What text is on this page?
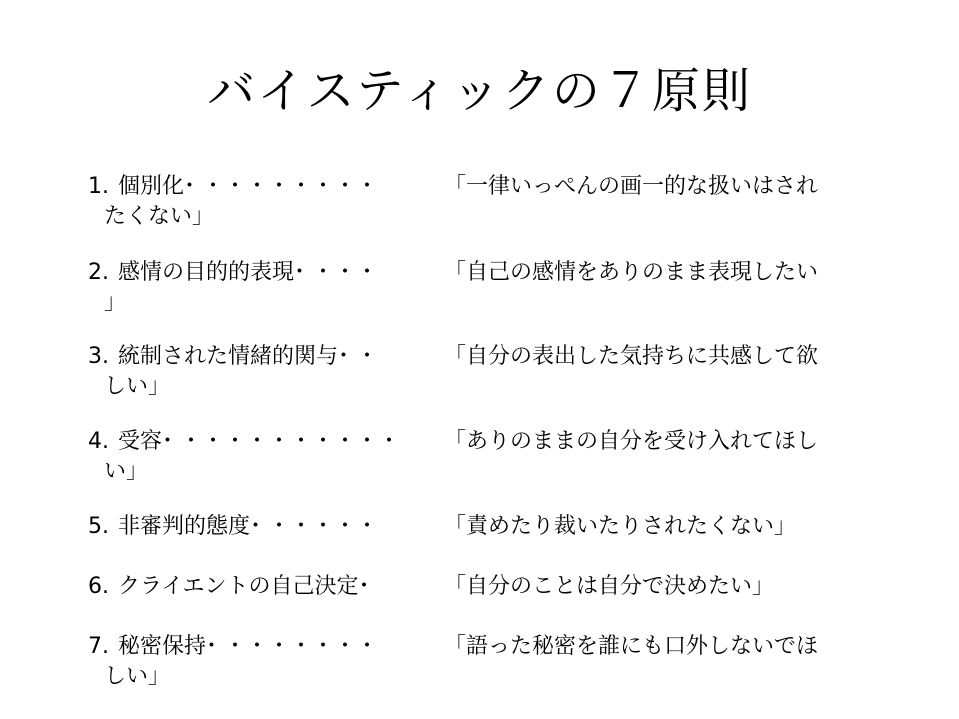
バイスティックの７原則
1. 個別化･ ・・・・・・・・	「一律いっぺんの画一的な扱いはされ
たくない」
2. 感情の目的的表現･ ・・・	「自己の感情をありのまま表現したい
」
3. 統制された情緒的関与･ ・	「自分の表出した気持ちに共感して欲
しい」
4. 受容･ ・・・・・・・・・・ 「ありのままの自分を受け入れてほし
い」
5. 非審判的態度･ ・・・・・	「責めたり裁いたりされたくない」
6. クライエントの自己決定･	「自分のことは自分で決めたい」
7. 秘密保持･ ・・・・・・・	「語った秘密を誰にも口外しないでほ
しい」
